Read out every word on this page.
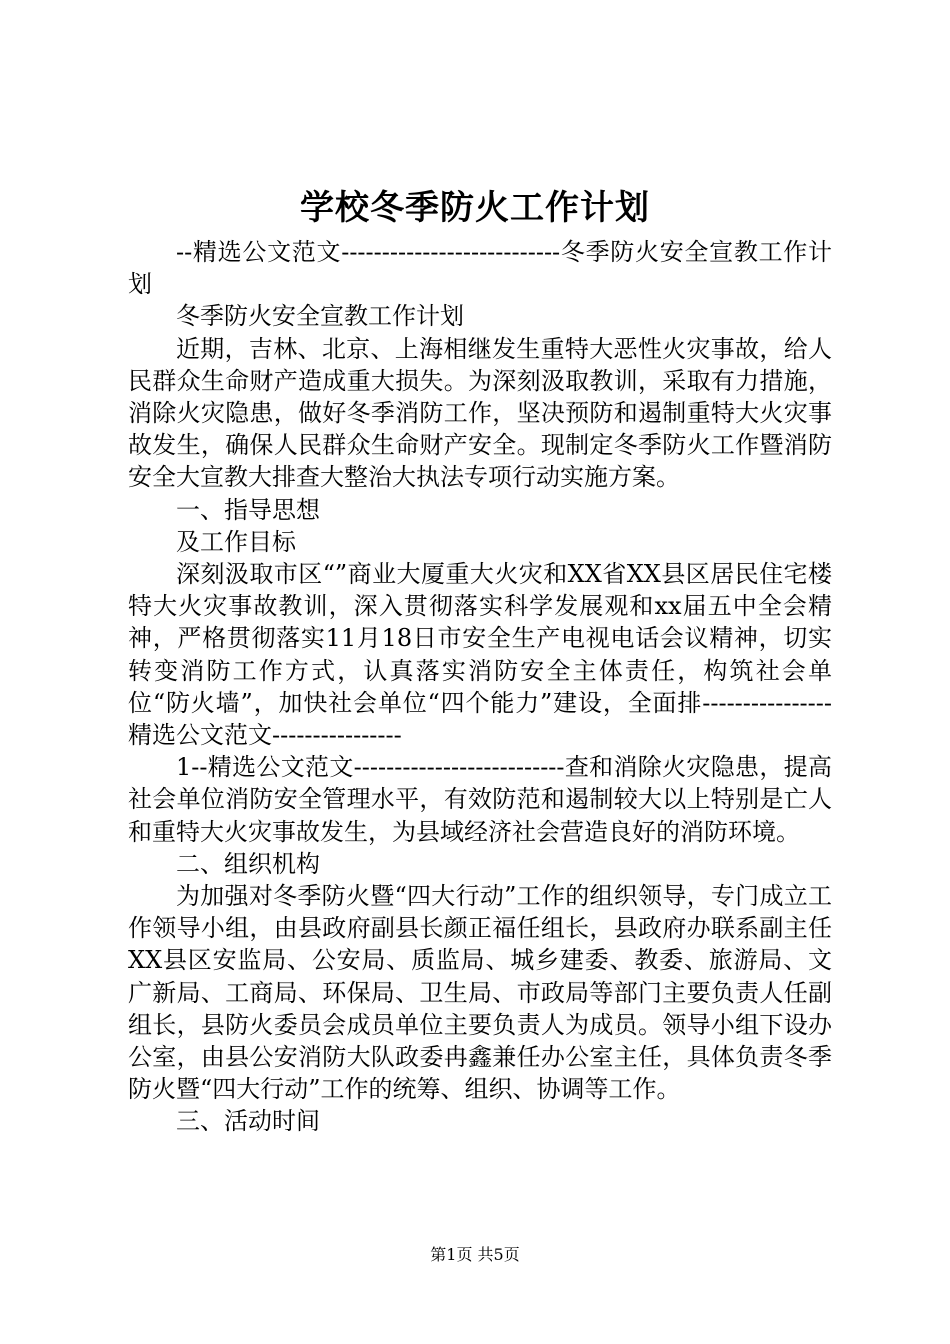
学校冬季防火工作计划

--精选公文范文---------------------------冬季防火安全宣教工作计划

冬季防火安全宣教工作计划

近期，吉林、北京、上海相继发生重特大恶性火灾事故，给人民群众生命财产造成重大损失。为深刻汲取教训，采取有力措施，消除火灾隐患，做好冬季消防工作，坚决预防和遏制重特大火灾事故发生，确保人民群众生命财产安全。现制定冬季防火工作暨消防安全大宣教大排查大整治大执法专项行动实施方案。

一、指导思想

及工作目标

深刻汲取市区“”商业大厦重大火灾和XX省XX县区居民住宅楼特大火灾事故教训，深入贯彻落实科学发展观和xx届五中全会精神，严格贯彻落实11月18日市安全生产电视电话会议精神，切实转变消防工作方式，认真落实消防安全主体责任，构筑社会单位“防火墙”，加快社会单位“四个能力”建设，全面排----------------精选公文范文----------------

1--精选公文范文--------------------------查和消除火灾隐患，提高社会单位消防安全管理水平，有效防范和遏制较大以上特别是亡人和重特大火灾事故发生，为县域经济社会营造良好的消防环境。

二、组织机构

为加强对冬季防火暨“四大行动”工作的组织领导，专门成立工作领导小组，由县政府副县长颜正福任组长，县政府办联系副主任XX县区安监局、公安局、质监局、城乡建委、教委、旅游局、文广新局、工商局、环保局、卫生局、市政局等部门主要负责人任副组长，县防火委员会成员单位主要负责人为成员。领导小组下设办公室，由县公安消防大队政委冉鑫兼任办公室主任，具体负责冬季防火暨“四大行动”工作的统筹、组织、协调等工作。

三、活动时间

第1页 共5页
